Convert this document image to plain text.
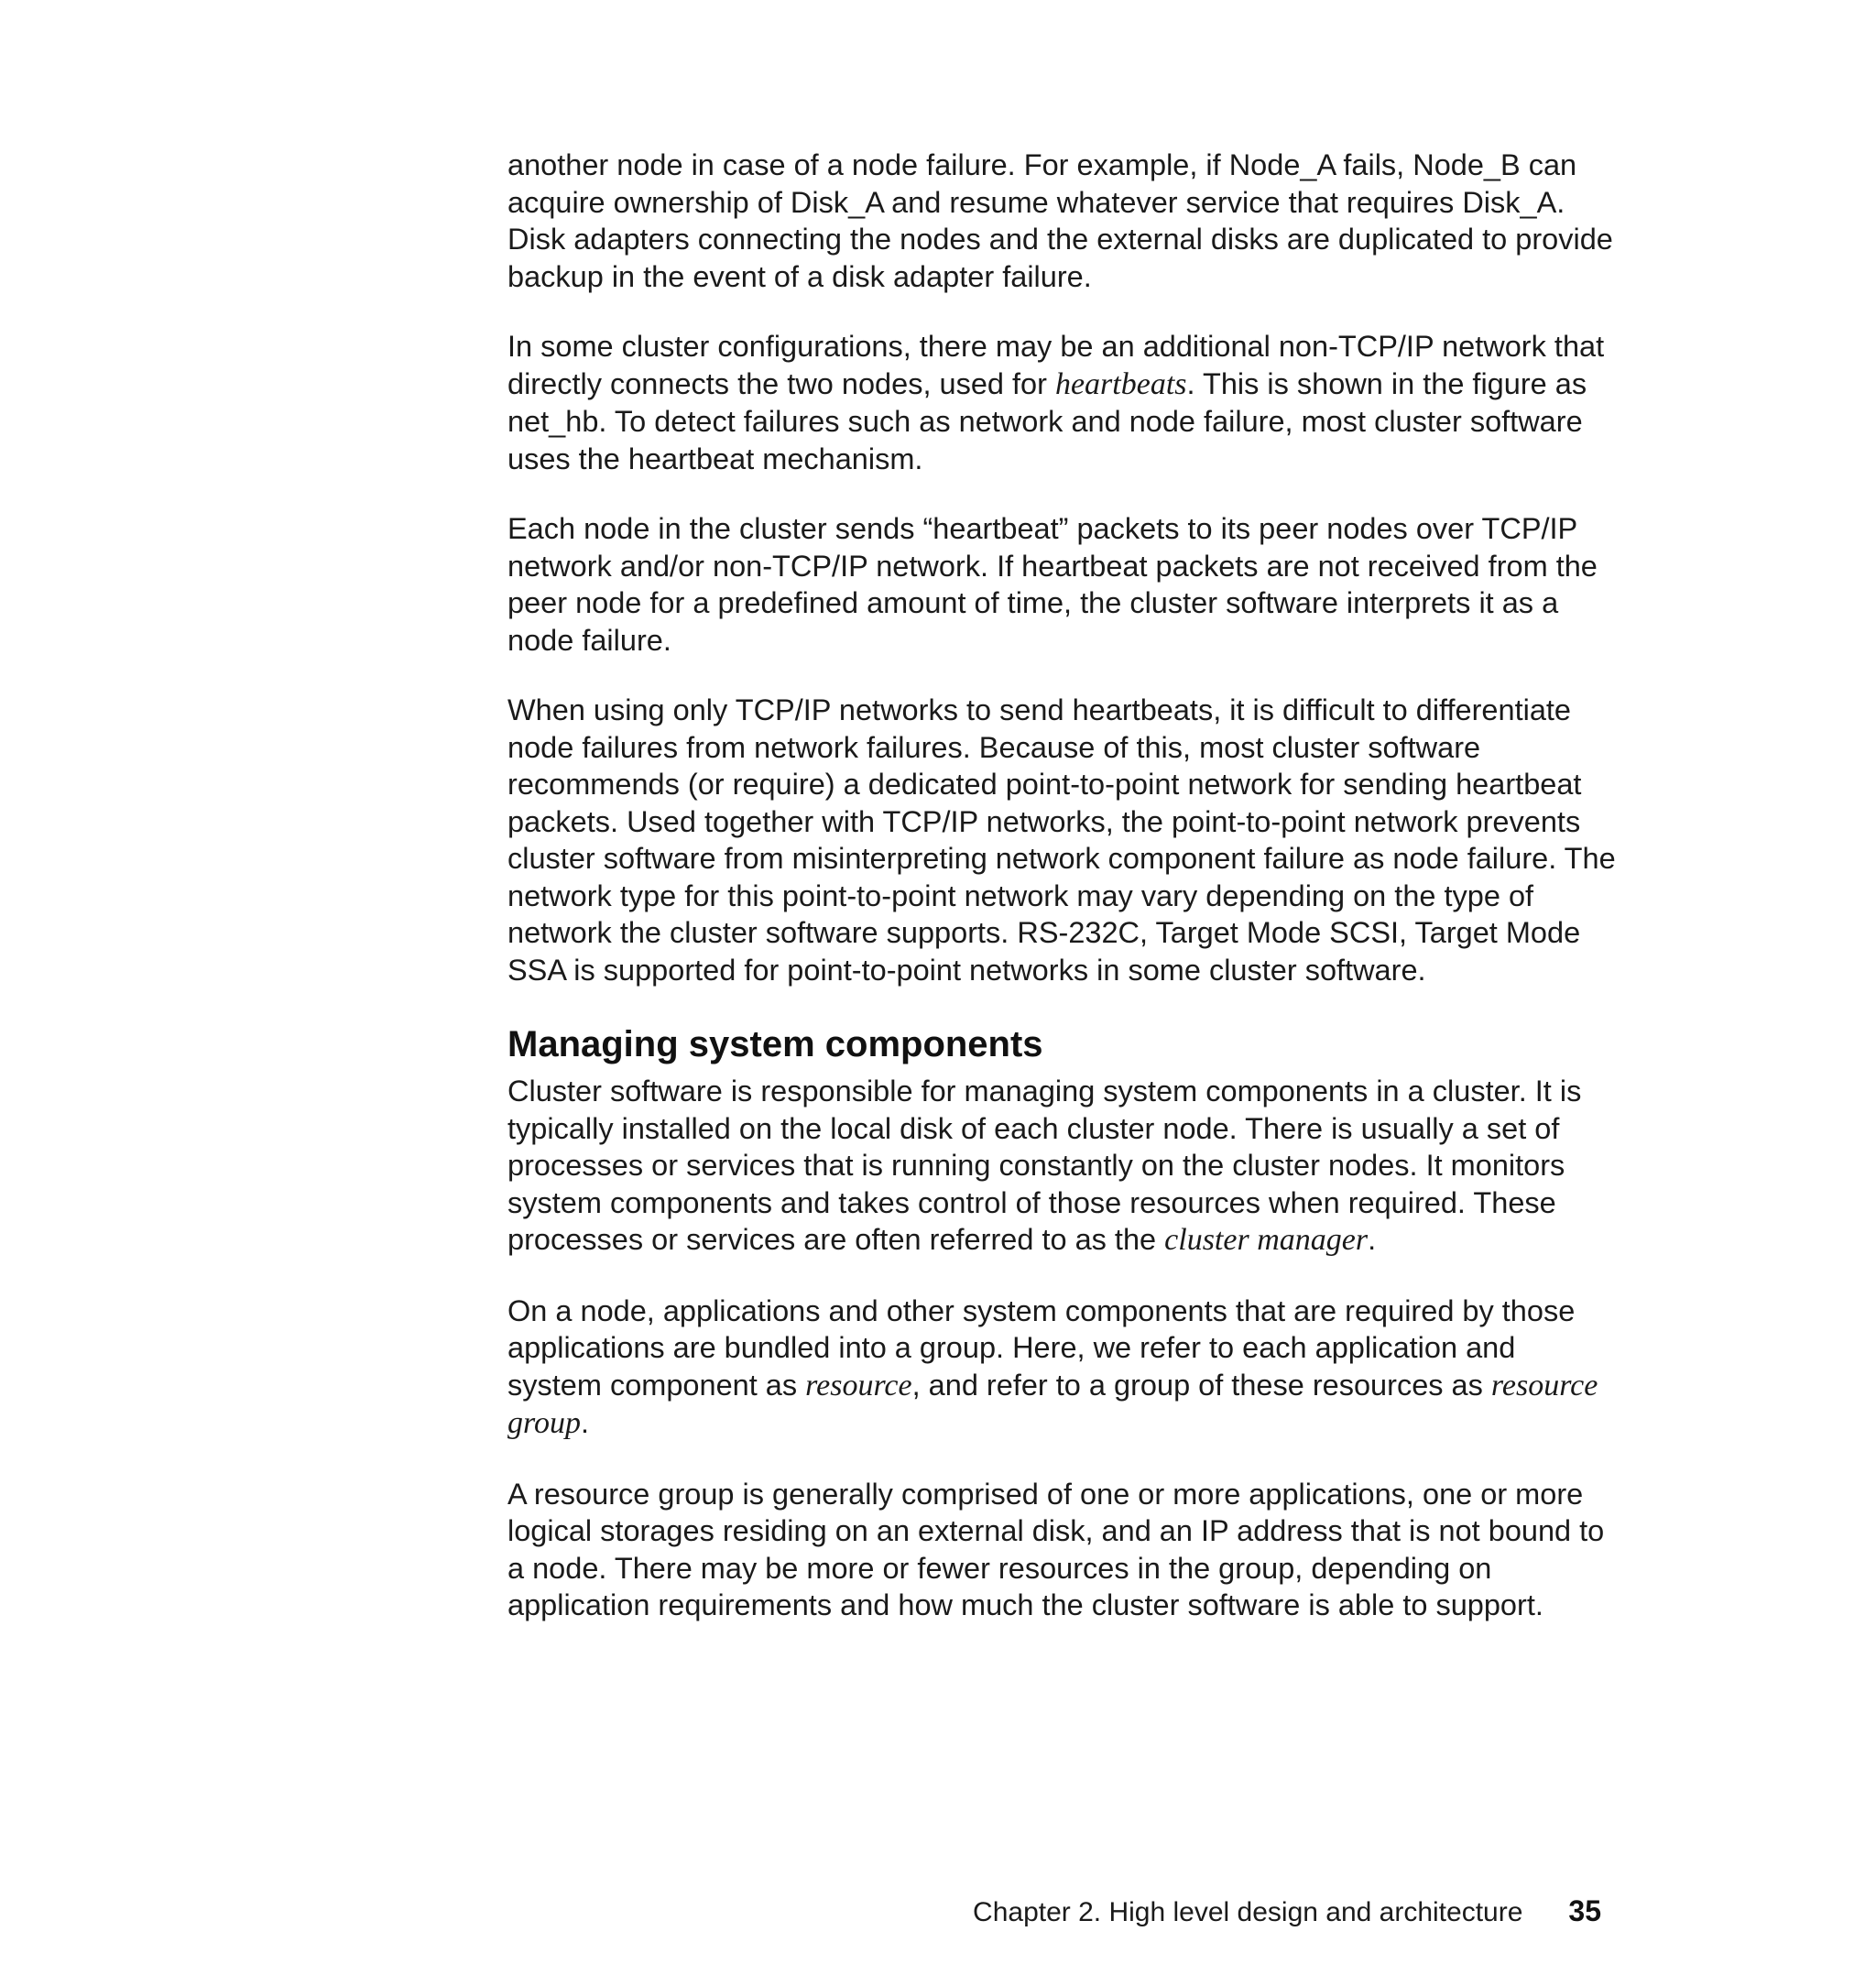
another node in case of a node failure. For example, if Node_A fails, Node_B can acquire ownership of Disk_A and resume whatever service that requires Disk_A. Disk adapters connecting the nodes and the external disks are duplicated to provide backup in the event of a disk adapter failure.

In some cluster configurations, there may be an additional non-TCP/IP network that directly connects the two nodes, used for heartbeats. This is shown in the figure as net_hb. To detect failures such as network and node failure, most cluster software uses the heartbeat mechanism.

Each node in the cluster sends “heartbeat” packets to its peer nodes over TCP/IP network and/or non-TCP/IP network. If heartbeat packets are not received from the peer node for a predefined amount of time, the cluster software interprets it as a node failure.

When using only TCP/IP networks to send heartbeats, it is difficult to differentiate node failures from network failures. Because of this, most cluster software recommends (or require) a dedicated point-to-point network for sending heartbeat packets. Used together with TCP/IP networks, the point-to-point network prevents cluster software from misinterpreting network component failure as node failure. The network type for this point-to-point network may vary depending on the type of network the cluster software supports. RS-232C, Target Mode SCSI, Target Mode SSA is supported for point-to-point networks in some cluster software.

Managing system components

Cluster software is responsible for managing system components in a cluster. It is typically installed on the local disk of each cluster node. There is usually a set of processes or services that is running constantly on the cluster nodes. It monitors system components and takes control of those resources when required. These processes or services are often referred to as the cluster manager.

On a node, applications and other system components that are required by those applications are bundled into a group. Here, we refer to each application and system component as resource, and refer to a group of these resources as resource group.

A resource group is generally comprised of one or more applications, one or more logical storages residing on an external disk, and an IP address that is not bound to a node. There may be more or fewer resources in the group, depending on application requirements and how much the cluster software is able to support.

Chapter 2. High level design and architecture 35
